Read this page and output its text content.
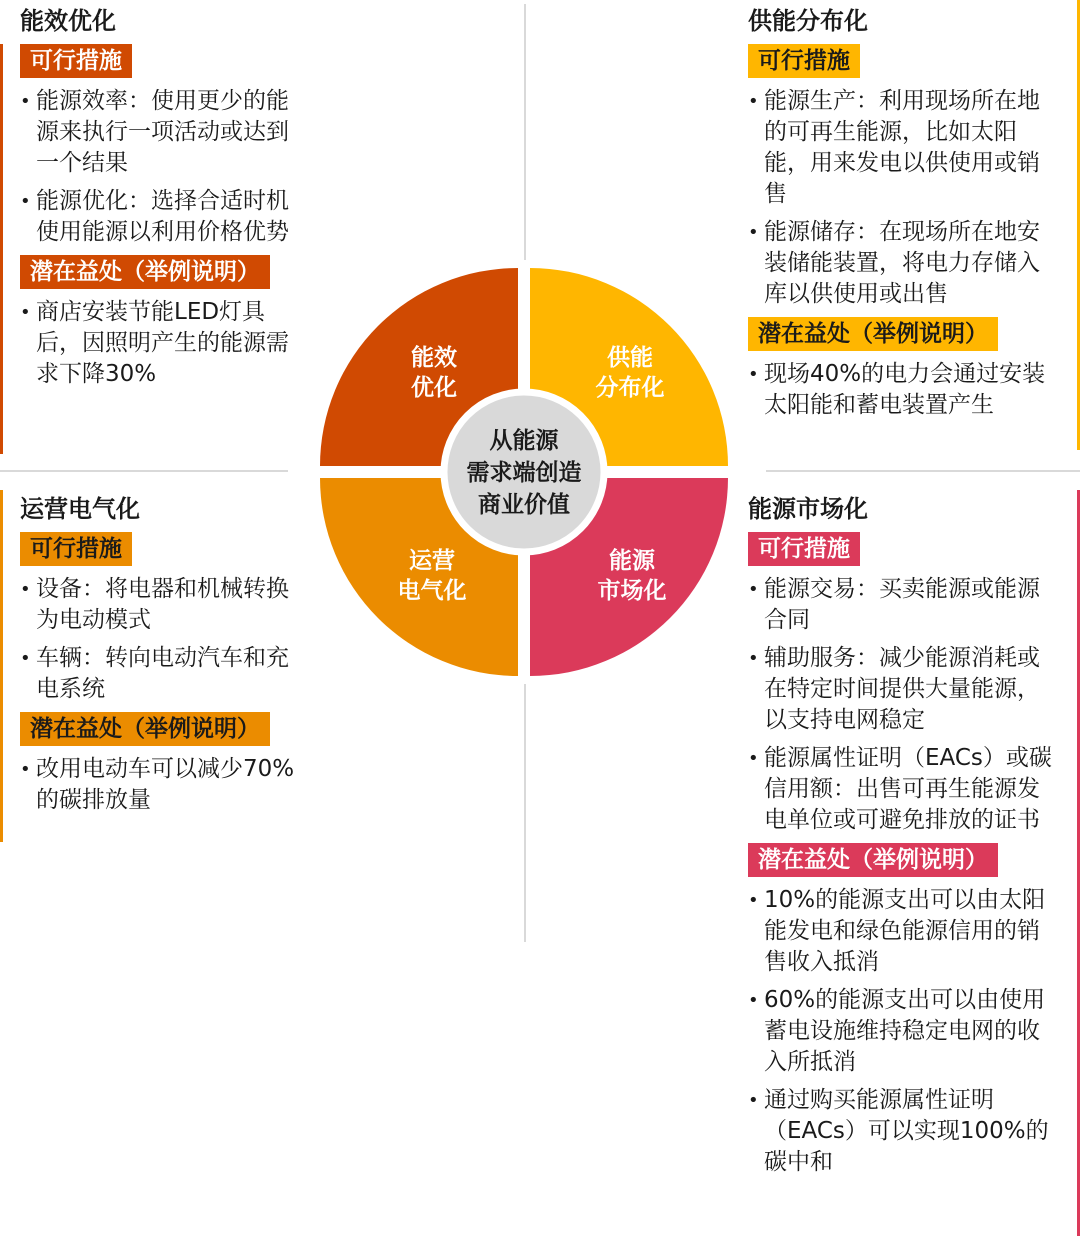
能效优化
可行措施
• 能源效率：使用更少的能源来执行一项活动或达到一个结果
• 能源优化：选择合适时机使用能源以利用价格优势
潜在益处（举例说明）
• 商店安装节能LED灯具后，因照明产生的能源需求下降30%
供能分布化
可行措施
• 能源生产：利用现场所在地的可再生能源，比如太阳能，用来发电以供使用或销售
• 能源储存：在现场所在地安装储能装置，将电力存储入库以供使用或出售
潜在益处（举例说明）
• 现场40%的电力会通过安装太阳能和蓄电装置产生
运营电气化
可行措施
• 设备：将电器和机械转换为电动模式
• 车辆：转向电动汽车和充电系统
潜在益处（举例说明）
• 改用电动车可以减少70%的碳排放量
能源市场化
可行措施
• 能源交易：买卖能源或能源合同
• 辅助服务：减少能源消耗或在特定时间提供大量能源，以支持电网稳定
• 能源属性证明（EACs）或碳信用额：出售可再生能源发电单位或可避免排放的证书
潜在益处（举例说明）
• 10%的能源支出可以由太阳能发电和绿色能源信用的销售收入抵消
• 60%的能源支出可以由使用蓄电设施维持稳定电网的收入所抵消
• 通过购买能源属性证明（EACs）可以实现100%的碳中和
能效
优化
供能
分布化
运营
电气化
能源
市场化
从能源
需求端创造
商业价值
